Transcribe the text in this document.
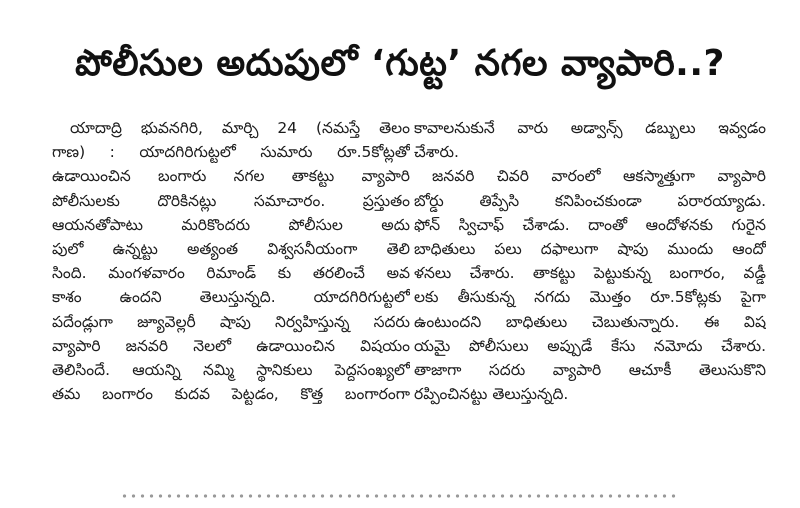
పోలీసుల అదుపులో ‘గుట్ట’ నగల వ్యాపారి..?
యాదాద్రి భువనగిరి, మార్చి 24 (నమస్తే తెలం
గాణ) : యాదగిరిగుట్టలో సుమారు రూ.5కోట్లతో
ఉడాయించిన బంగారు నగల తాకట్టు వ్యాపారి
పోలీసులకు దొరికినట్లు సమాచారం. ప్రస్తుతం
ఆయనతోపాటు మరికొందరు పోలీసుల అదు
పులో ఉన్నట్టు అత్యంత విశ్వసనీయంగా తెలి
సింది. మంగళవారం రిమాండ్ కు తరలించే అవ
కాశం ఉందని తెలుస్తున్నది. యాదగిరిగుట్టలో
పదేండ్లుగా జ్యూవెల్లరీ షాపు నిర్వహిస్తున్న సదరు
వ్యాపారి జనవరి నెలలో ఉడాయించిన విషయం
తెలిసిందే. ఆయన్ని నమ్మి స్థానికులు పెద్దసంఖ్యలో
తమ బంగారం కుదవ పెట్టడం, కొత్త బంగారంగా
కావాలనుకునే వారు అడ్వాన్స్ డబ్బులు ఇవ్వడం
చేశారు.
జనవరి చివరి వారంలో ఆకస్మాత్తుగా వ్యాపారి
బోర్డు తిప్పేసి కనిపించకుండా పరారయ్యాడు.
ఫోన్ స్విచాఫ్ చేశాడు. దాంతో ఆందోళనకు గురైన
బాధితులు పలు దఫాలుగా షాపు ముందు ఆందో
ళనలు చేశారు. తాకట్టు పెట్టుకున్న బంగారం, వడ్డీ
లకు తీసుకున్న నగదు మొత్తం రూ.5కోట్లకు పైగా
ఉంటుందని బాధితులు చెబుతున్నారు. ఈ విష
యమై పోలీసులు అప్పుడే కేసు నమోదు చేశారు.
తాజాగా సదరు వ్యాపారి ఆచూకీ తెలుసుకొని
రప్పించినట్టు తెలుస్తున్నది.
